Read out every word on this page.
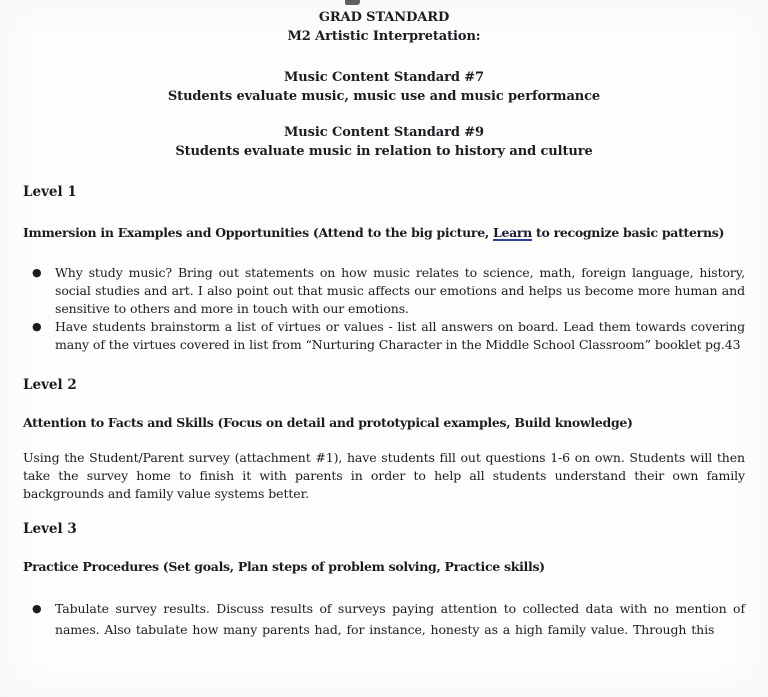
GRAD STANDARD
M2 Artistic Interpretation:
Music Content Standard #7
Students evaluate music, music use and music performance
Music Content Standard #9
Students evaluate music in relation to history and culture
Level 1
Immersion in Examples and Opportunities (Attend to the big picture, Learn to recognize basic patterns)
●	Why study music? Bring out statements on how music relates to science, math, foreign language, history, social studies and art. I also point out that music affects our emotions and helps us become more human and sensitive to others and more in touch with our emotions.
●	Have students brainstorm a list of virtues or values - list all answers on board. Lead them towards covering many of the virtues covered in list from “Nurturing Character in the Middle School Classroom” booklet pg.43
Level 2
Attention to Facts and Skills (Focus on detail and prototypical examples, Build knowledge)
Using the Student/Parent survey (attachment #1), have students fill out questions 1-6 on own. Students will then take the survey home to finish it with parents in order to help all students understand their own family backgrounds and family value systems better.
Level 3
Practice Procedures (Set goals, Plan steps of problem solving, Practice skills)
●	Tabulate survey results. Discuss results of surveys paying attention to collected data with no mention of names. Also tabulate how many parents had, for instance, honesty as a high family value. Through this
